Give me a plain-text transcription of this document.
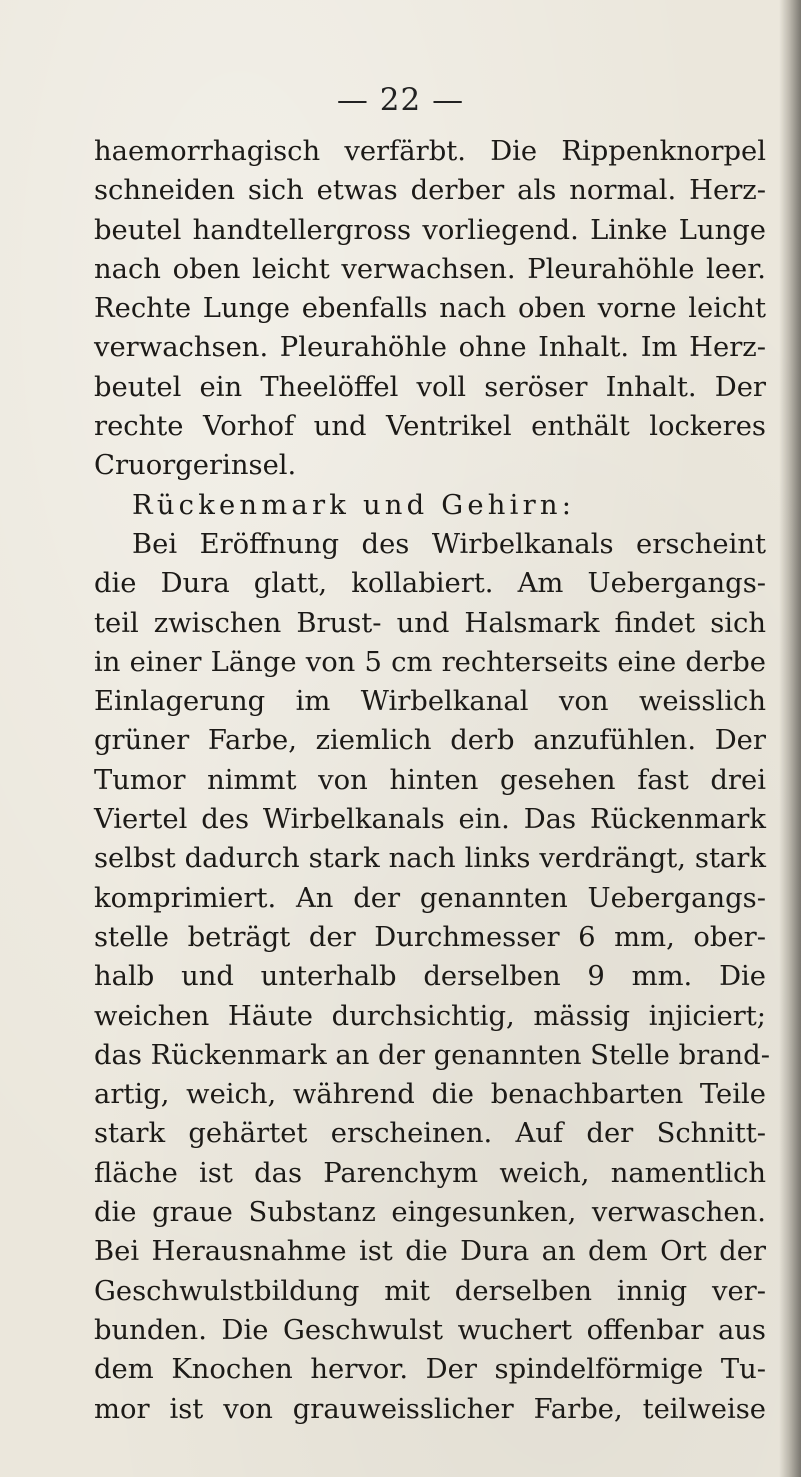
— 22 —
haemorrhagisch verfärbt. Die Rippenknorpel
schneiden sich etwas derber als normal. Herz-
beutel handtellergross vorliegend. Linke Lunge
nach oben leicht verwachsen. Pleurahöhle leer.
Rechte Lunge ebenfalls nach oben vorne leicht
verwachsen. Pleurahöhle ohne Inhalt. Im Herz-
beutel ein Theelöffel voll seröser Inhalt. Der
rechte Vorhof und Ventrikel enthält lockeres
Cruorgerinsel.
Rückenmark und Gehirn:
Bei Eröffnung des Wirbelkanals erscheint
die Dura glatt, kollabiert. Am Uebergangs-
teil zwischen Brust- und Halsmark findet sich
in einer Länge von 5 cm rechterseits eine derbe
Einlagerung im Wirbelkanal von weisslich
grüner Farbe, ziemlich derb anzufühlen. Der
Tumor nimmt von hinten gesehen fast drei
Viertel des Wirbelkanals ein. Das Rückenmark
selbst dadurch stark nach links verdrängt, stark
komprimiert. An der genannten Uebergangs-
stelle beträgt der Durchmesser 6 mm, ober-
halb und unterhalb derselben 9 mm. Die
weichen Häute durchsichtig, mässig injiciert;
das Rückenmark an der genannten Stelle brand-
artig, weich, während die benachbarten Teile
stark gehärtet erscheinen. Auf der Schnitt-
fläche ist das Parenchym weich, namentlich
die graue Substanz eingesunken, verwaschen.
Bei Herausnahme ist die Dura an dem Ort der
Geschwulstbildung mit derselben innig ver-
bunden. Die Geschwulst wuchert offenbar aus
dem Knochen hervor. Der spindelförmige Tu-
mor ist von grauweisslicher Farbe, teilweise
